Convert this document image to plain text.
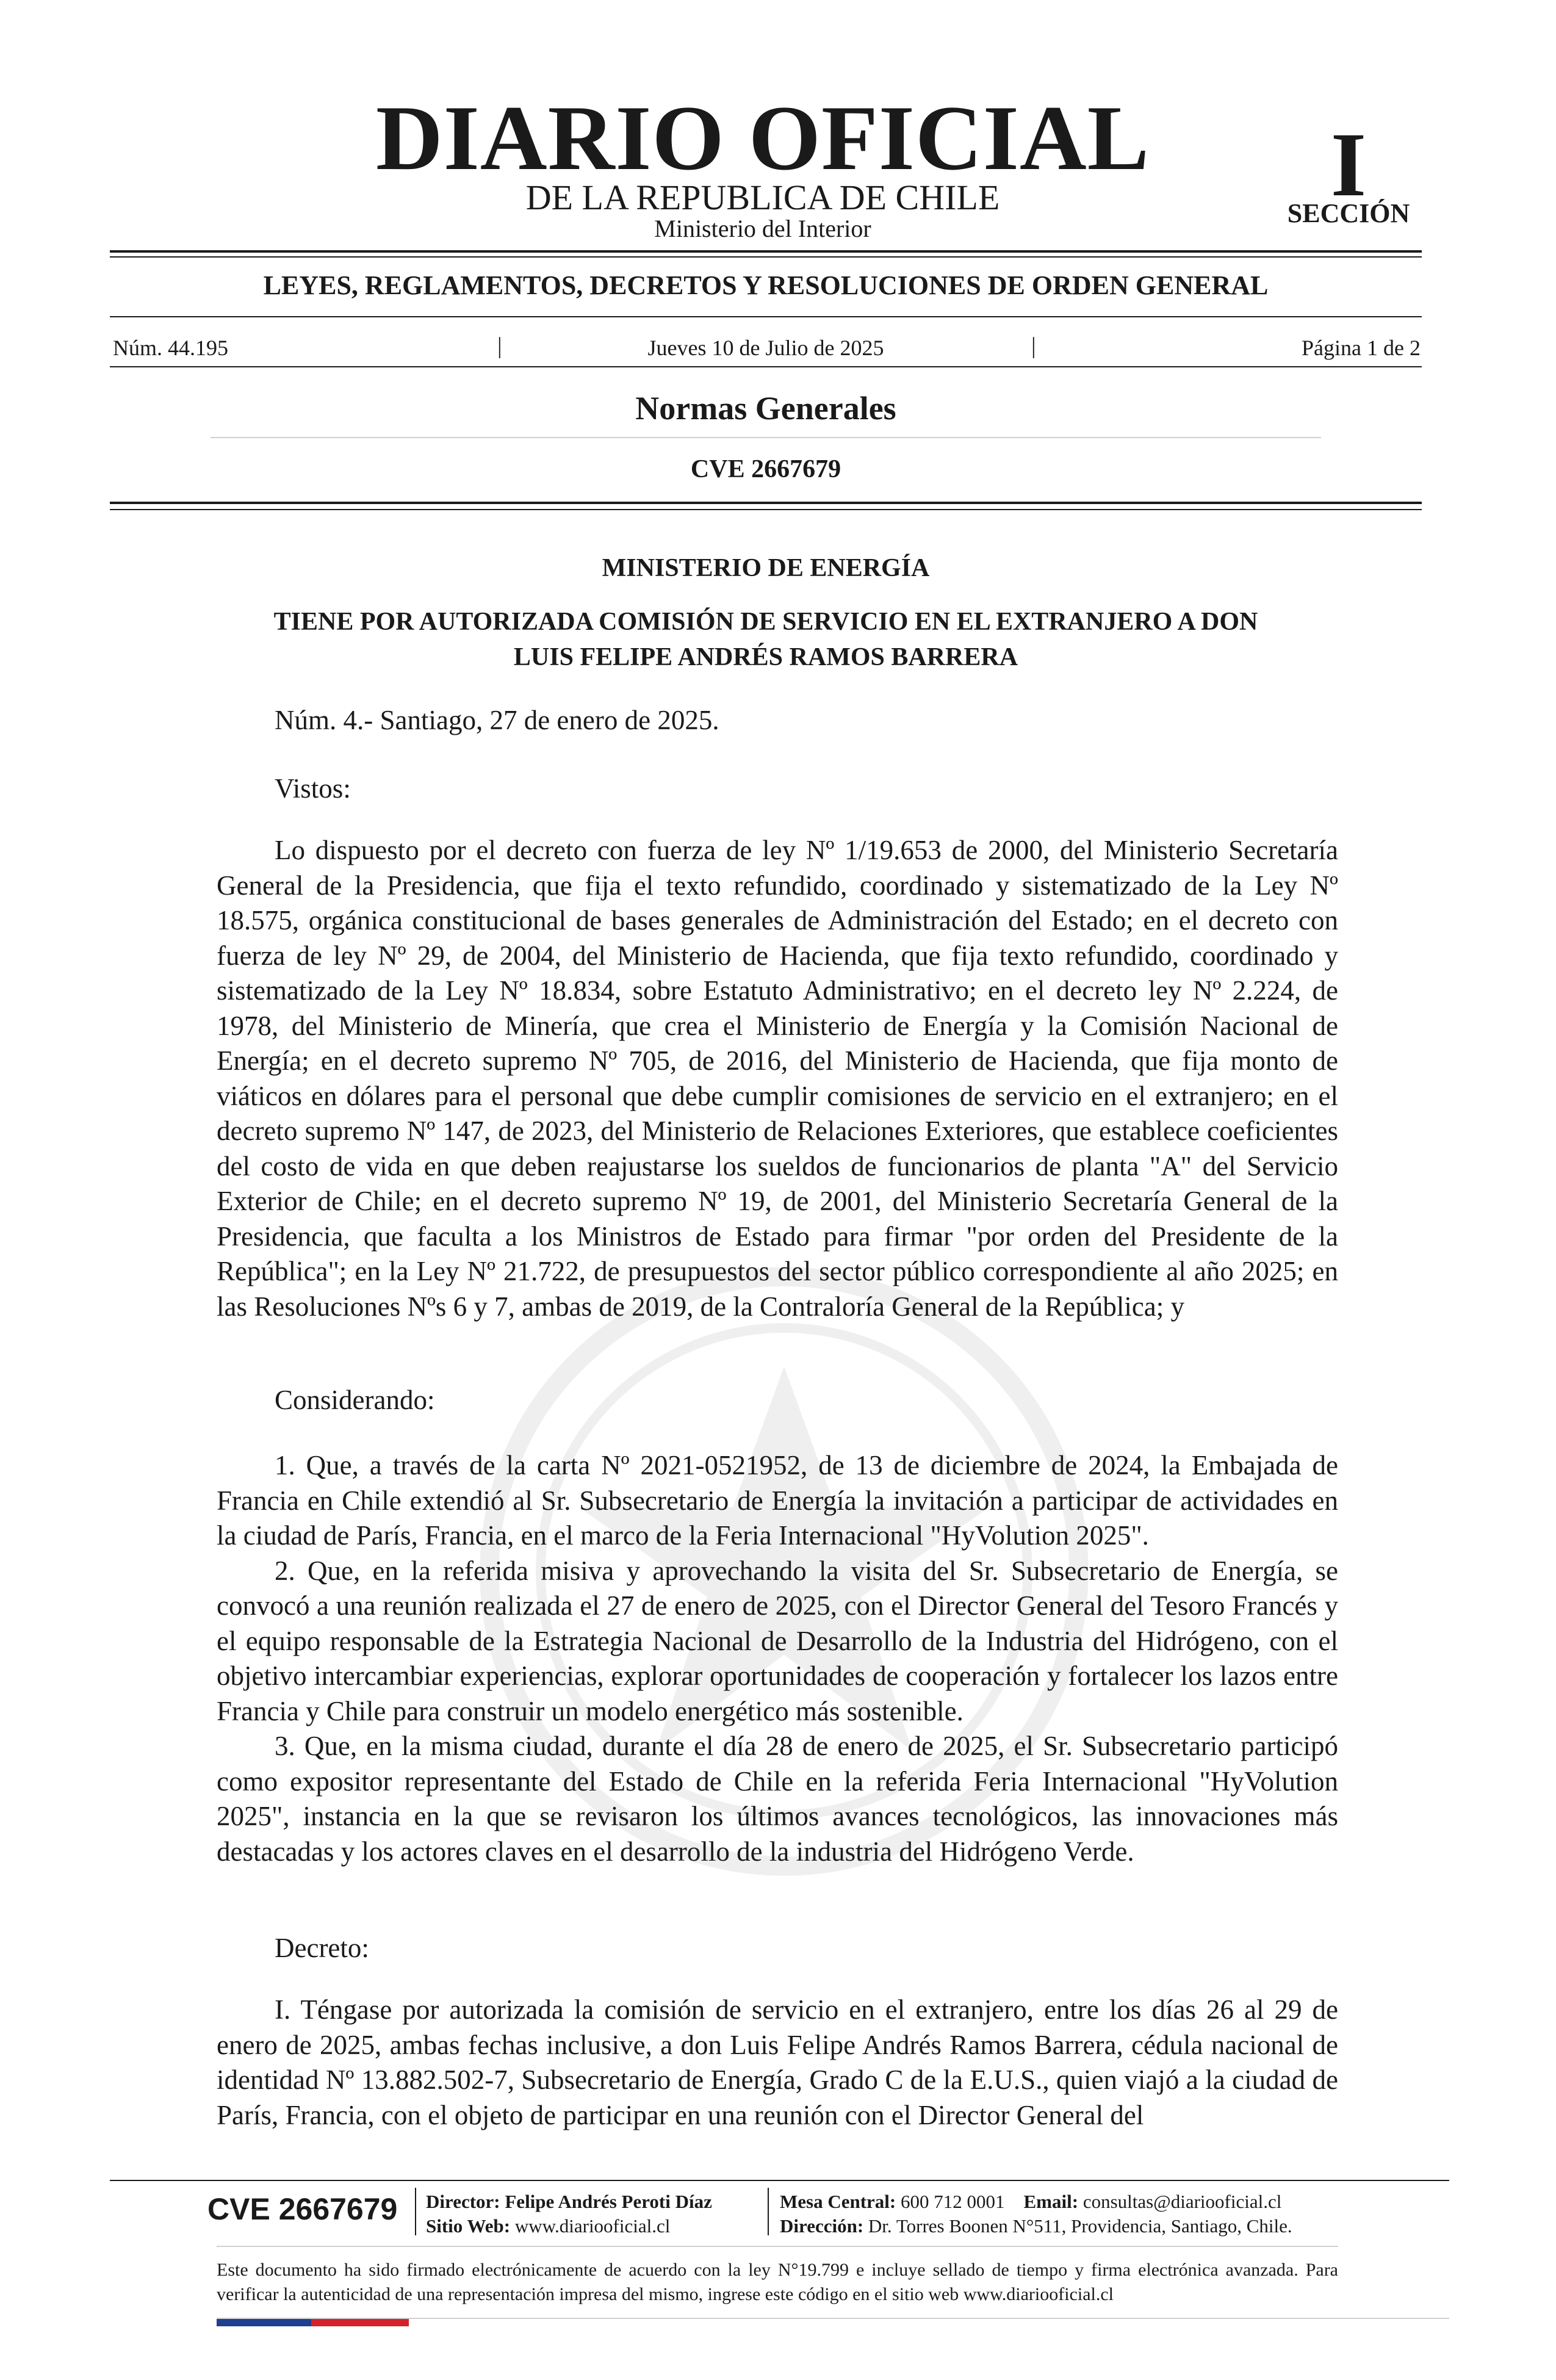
DIARIO OFICIAL
DE LA REPUBLICA DE CHILE
Ministerio del Interior
I
SECCIÓN
LEYES, REGLAMENTOS, DECRETOS Y RESOLUCIONES DE ORDEN GENERAL
Núm. 44.195	|	Jueves 10 de Julio de 2025	|	Página 1 de 2
Normas Generales
CVE 2667679
MINISTERIO DE ENERGÍA
TIENE POR AUTORIZADA COMISIÓN DE SERVICIO EN EL EXTRANJERO A DON
LUIS FELIPE ANDRÉS RAMOS BARRERA
Núm. 4.- Santiago, 27 de enero de 2025.
Vistos:

Lo dispuesto por el decreto con fuerza de ley Nº 1/19.653 de 2000, del Ministerio Secretaría General de la Presidencia, que fija el texto refundido, coordinado y sistematizado de la Ley Nº 18.575, orgánica constitucional de bases generales de Administración del Estado; en el decreto con fuerza de ley Nº 29, de 2004, del Ministerio de Hacienda, que fija texto refundido, coordinado y sistematizado de la Ley Nº 18.834, sobre Estatuto Administrativo; en el decreto ley Nº 2.224, de 1978, del Ministerio de Minería, que crea el Ministerio de Energía y la Comisión Nacional de Energía; en el decreto supremo Nº 705, de 2016, del Ministerio de Hacienda, que fija monto de viáticos en dólares para el personal que debe cumplir comisiones de servicio en el extranjero; en el decreto supremo Nº 147, de 2023, del Ministerio de Relaciones Exteriores, que establece coeficientes del costo de vida en que deben reajustarse los sueldos de funcionarios de planta "A" del Servicio Exterior de Chile; en el decreto supremo Nº 19, de 2001, del Ministerio Secretaría General de la Presidencia, que faculta a los Ministros de Estado para firmar "por orden del Presidente de la República"; en la Ley Nº 21.722, de presupuestos del sector público correspondiente al año 2025; en las Resoluciones Nºs 6 y 7, ambas de 2019, de la Contraloría General de la República; y

Considerando:

1. Que, a través de la carta Nº 2021-0521952, de 13 de diciembre de 2024, la Embajada de Francia en Chile extendió al Sr. Subsecretario de Energía la invitación a participar de actividades en la ciudad de París, Francia, en el marco de la Feria Internacional "HyVolution 2025".

2. Que, en la referida misiva y aprovechando la visita del Sr. Subsecretario de Energía, se convocó a una reunión realizada el 27 de enero de 2025, con el Director General del Tesoro Francés y el equipo responsable de la Estrategia Nacional de Desarrollo de la Industria del Hidrógeno, con el objetivo intercambiar experiencias, explorar oportunidades de cooperación y fortalecer los lazos entre Francia y Chile para construir un modelo energético más sostenible.

3. Que, en la misma ciudad, durante el día 28 de enero de 2025, el Sr. Subsecretario participó como expositor representante del Estado de Chile en la referida Feria Internacional "HyVolution 2025", instancia en la que se revisaron los últimos avances tecnológicos, las innovaciones más destacadas y los actores claves en el desarrollo de la industria del Hidrógeno Verde.

Decreto:

I. Téngase por autorizada la comisión de servicio en el extranjero, entre los días 26 al 29 de enero de 2025, ambas fechas inclusive, a don Luis Felipe Andrés Ramos Barrera, cédula nacional de identidad Nº 13.882.502-7, Subsecretario de Energía, Grado C de la E.U.S., quien viajó a la ciudad de París, Francia, con el objeto de participar en una reunión con el Director General del

CVE 2667679 Director: Felipe Andrés Peroti Díaz
Sitio Web: www.diariooficial.cl
Mesa Central: 600 712 0001 Email: consultas@diariooficial.cl
Dirección: Dr. Torres Boonen N°511, Providencia, Santiago, Chile.
Este documento ha sido firmado electrónicamente de acuerdo con la ley N°19.799 e incluye sellado de tiempo y firma electrónica avanzada. Para verificar la autenticidad de una representación impresa del mismo, ingrese este código en el sitio web www.diariooficial.cl
